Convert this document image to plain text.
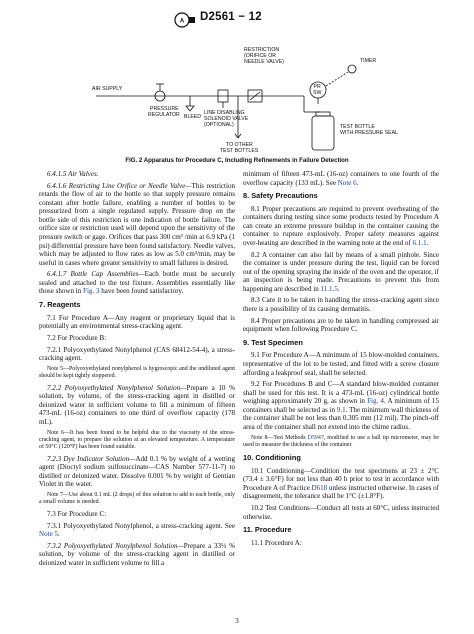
A D2561 − 12
TIMER
RESTRICTION (ORIFICE OR NEEDLE VALVE)
PR SW
AIR SUPPLY
PRESSURE REGULATOR BLEED
LINE DISABLING SOLENOID VALVE (OPTIONAL)	TEST BOTTLE WITH PRESSURE SEAL
TO OTHER TEST BOTTLES
FIG. 2 Apparatus for Procedure C, Including Refinements in Failure Detection

6.4.1.5 Air Valves.

6.4.1.6 Restricting Line Orifice or Needle Valve—This restriction retards the flow of air to the bottle so that supply pressure remains constant after bottle failure, enabling a number of bottles to be pressurized from a single regulated supply. Pressure drop on the bottle side of this restriction is one indication of bottle failure. The orifice size or restriction used will depend upon the sensitivity of the pressure switch or gage. Orifices that pass 300 cm³ /min at 6.9 kPa (1 psi) differential pressure have been found satisfactory. Needle valves, which may be adjusted to flow rates as low as 5.0 cm³/min, may be useful in cases where greater sensitivity to small failures is desired.

6.4.1.7 Bottle Cap Assemblies—Each bottle must be securely sealed and attached to the test fixture. Assemblies essentially like those shown in Fig. 3 have been found satisfactory.

7. Reagents

7.1 For Procedure A—Any reagent or proprietary liquid that is potentially an environmental stress-cracking agent.

7.2 For Procedure B:

7.2.1 Polyoxyethylated Nonylphenol (CAS 68412-54-4), a stress-cracking agent.

Note 5—Polyoxyethylated nonylphenol is hygroscopic and the undiluted agent should be kept tightly stoppered.

7.2.2 Polyoxyethylated Nonylphenol Solution—Prepare a 10 % solution, by volume, of the stress-cracking agent in distilled or deionized water in sufficient volume to fill a minimum of fifteen 473-mL (16-oz) containers to one third of overflow capacity (178 mL).

Note 6—It has been found to be helpful due to the viscosity of the stress-cracking agent, to prepare the solution at an elevated temperature. A temperature of 50°C (120°F) has been found suitable.

7.2.3 Dye Indicator Solution—Add 0.1 % by weight of a wetting agent (Dioctyl sodium sulfosuccinate—CAS Number 577-11-7) to distilled or deionized water. Dissolve 0.001 % by weight of Gentian Violet in the water.

Note 7—Use about 0.1 mL (2 drops) of this solution to add to each bottle, only a small volume is needed.

7.3 For Procedure C:

7.3.1 Polyoxyethylated Nonylphenol, a stress-cracking agent. See Note 5.

7.3.2 Polyoxyethylated Nonylphenol Solution—Prepare a 33⅓ % solution, by volume of the stress-cracking agent in distilled or deionized water in sufficient volume to fill a

minimum of fifteen 473-mL (16-oz) containers to one fourth of the overflow capacity (133 mL). See Note 6.

8. Safety Precautions

8.1 Proper precautions are required to prevent overheating of the containers during testing since some products tested by Procedure A can create an extreme pressure buildup in the container causing the container to rupture explosively. Proper safety measures against over-heating are described in the warning note at the end of 6.1.1.

8.2 A container can also fail by means of a small pinhole. Since the container is under pressure during the test, liquid can be forced out of the opening spraying the inside of the oven and the operator, if an inspection is being made. Precautions to prevent this from happening are described in 11.1.5.

8.3 Care it to be taken in handling the stress-cracking agent since there is a possibility of its causing dermatitis.

8.4 Proper precautions are to be taken in handling compressed air equipment when following Procedure C.

9. Test Specimen

9.1 For Procedure A—A minimum of 15 blow-molded containers, representative of the lot to be tested, and fitted with a screw closure affording a leakproof seal, shall be selected.

9.2 For Procedures B and C—A standard blow-molded container shall be used for this test. It is a 473-mL (16-oz) cylindrical bottle weighing approximately 20 g, as shown in Fig. 4. A minimum of 15 containers shall be selected as in 9.1. The minimum wall thickness of the container shall be not less than 0.305 mm (12 mil). The pinch-off area of the container shall not extend into the chime radius.

Note 8—Test Methods D5947, modified to use a ball tip micrometer, may be used to measure the thickness of the container.

10. Conditioning

10.1 Conditioning—Condition the test specimens at 23 ± 2°C (73.4 ± 3.6°F) for not less than 40 h prior to test in accordance with Procedure A of Practice D618 unless instructed otherwise. In cases of disagreement, the tolerance shall be 1°C (±1.8°F).

10.2 Test Conditions—Conduct all tests at 60°C, unless instructed otherwise.

11. Procedure

11.1 Procedure A:

3
